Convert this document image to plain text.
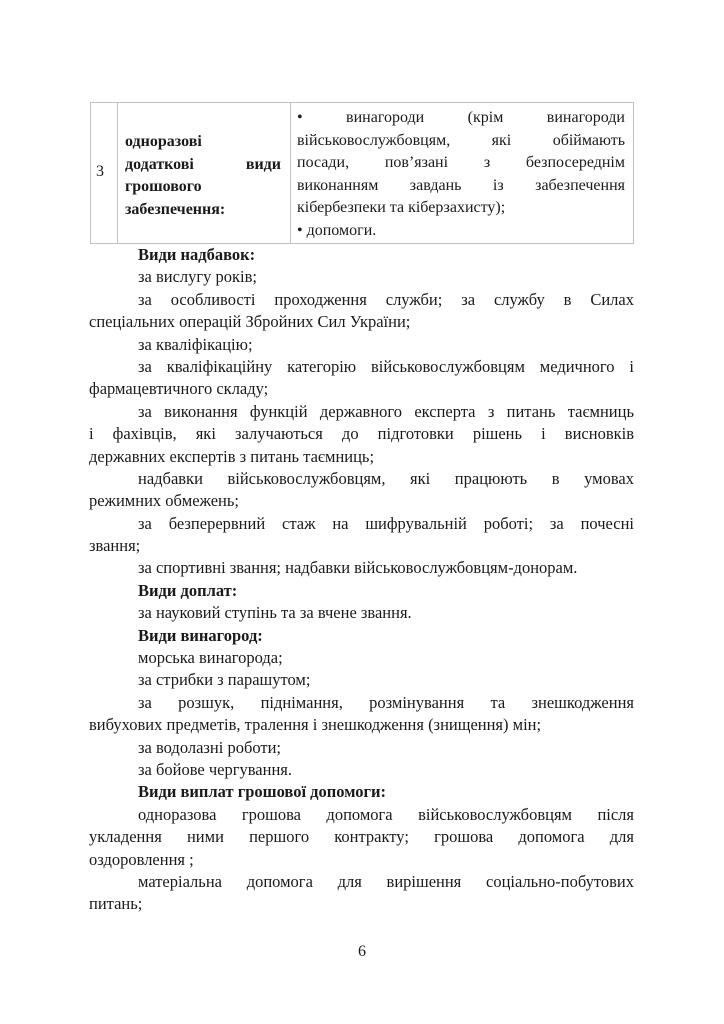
3
одноразові
додаткові види
грошового
забезпечення:
• винагороди (крім винагороди
військовослужбовцям, які обіймають
посади, пов’язані з безпосереднім
виконанням завдань із забезпечення
кібербезпеки та кіберзахисту);
• допомоги.
Види надбавок:
за вислугу років;
за особливості проходження служби; за службу в Силах
спеціальних операцій Збройних Сил України;
за кваліфікацію;
за кваліфікаційну категорію військовослужбовцям медичного і
фармацевтичного складу;
за виконання функцій державного експерта з питань таємниць
і фахівців, які залучаються до підготовки рішень і висновків
державних експертів з питань таємниць;
надбавки військовослужбовцям, які працюють в умовах
режимних обмежень;
за безперервний стаж на шифрувальній роботі; за почесні
звання;
за спортивні звання; надбавки військовослужбовцям-донорам.
Види доплат:
за науковий ступінь та за вчене звання.
Види винагород:
морська винагорода;
за стрибки з парашутом;
за розшук, піднімання, розмінування та знешкодження
вибухових предметів, тралення і знешкодження (знищення) мін;
за водолазні роботи;
за бойове чергування.
Види виплат грошової допомоги:
одноразова грошова допомога військовослужбовцям після
укладення ними першого контракту; грошова допомога для
оздоровлення ;
матеріальна допомога для вирішення соціально-побутових
питань;
6
